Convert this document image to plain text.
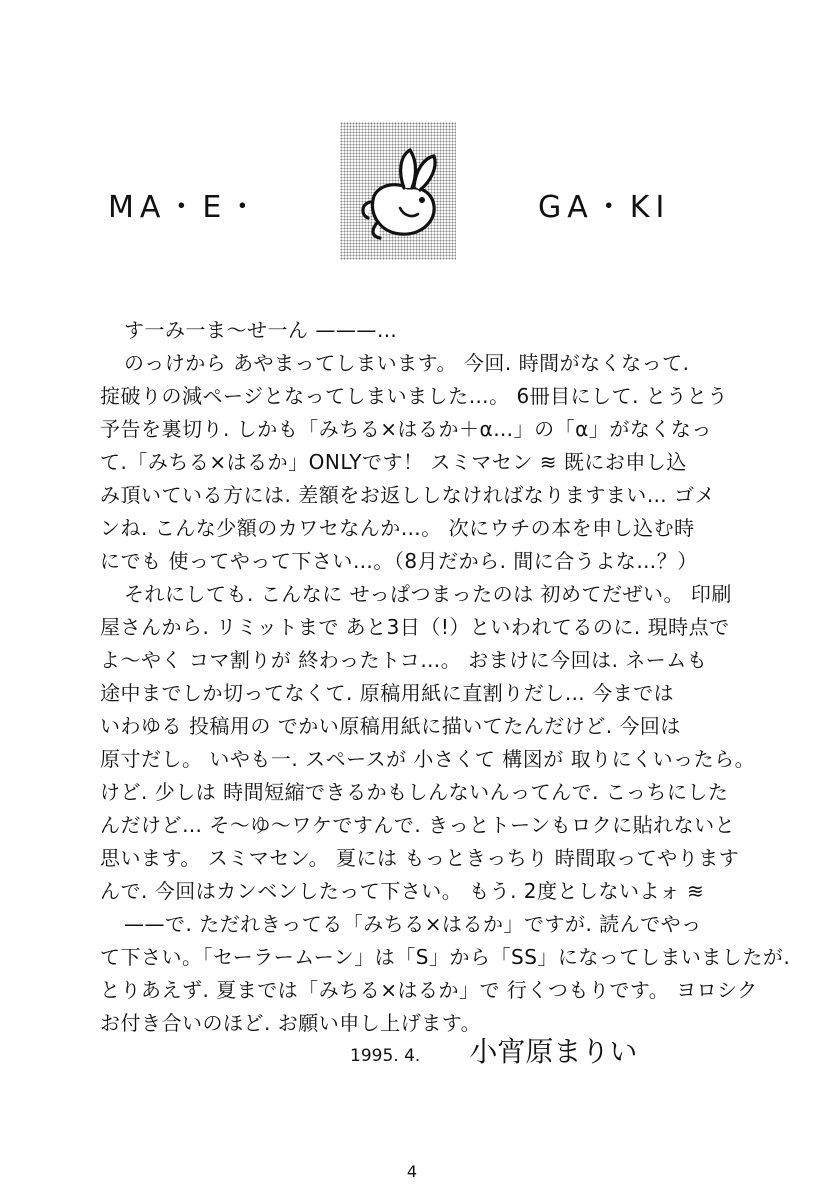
MA・E・	GA・KI

す一み一ま〜せ一ん ———…

のっけから あやまってしまいます。 今回. 時間がなくなって.

掟破りの減ページとなってしまいました…。 6冊目にして. とうとう

予告を裏切り. しかも「みちる×はるか＋α…」の「α」がなくなっ

て.「みちる×はるか」ONLYです！ スミマセン ≋ 既にお申し込

み頂いている方には. 差額をお返ししなければなりますまい… ゴメ

ンね. こんな少額のカワセなんか…。 次にウチの本を申し込む時

にでも 使ってやって下さい…。（8月だから. 間に合うよな…？）

それにしても. こんなに せっぱつまったのは 初めてだぜい。 印刷

屋さんから. リミットまで あと3日（!）といわれてるのに. 現時点で

よ〜やく コマ割りが 終わったトコ…。 おまけに今回は. ネームも

途中までしか切ってなくて. 原稿用紙に直割りだし… 今までは

いわゆる 投稿用の でかい原稿用紙に描いてたんだけど. 今回は

原寸だし。 いやも一. スペースが 小さくて 構図が 取りにくいったら。

けど. 少しは 時間短縮できるかもしんないんってんで. こっちにした

んだけど… そ〜ゆ〜ワケですんで. きっとトーンもロクに貼れないと

思います。 スミマセン。 夏には もっときっちり 時間取ってやります

んで. 今回はカンベンしたって下さい。 もう. 2度としないよォ ≋

——で. ただれきってる「みちる×はるか」ですが. 読んでやっ

て下さい。「セーラームーン」は「S」から「SS」になってしまいましたが.

とりあえず. 夏までは「みちる×はるか」で 行くつもりです。 ヨロシク

お付き合いのほど. お願い申し上げます。

1995. 4. 小宵原まりい
4
